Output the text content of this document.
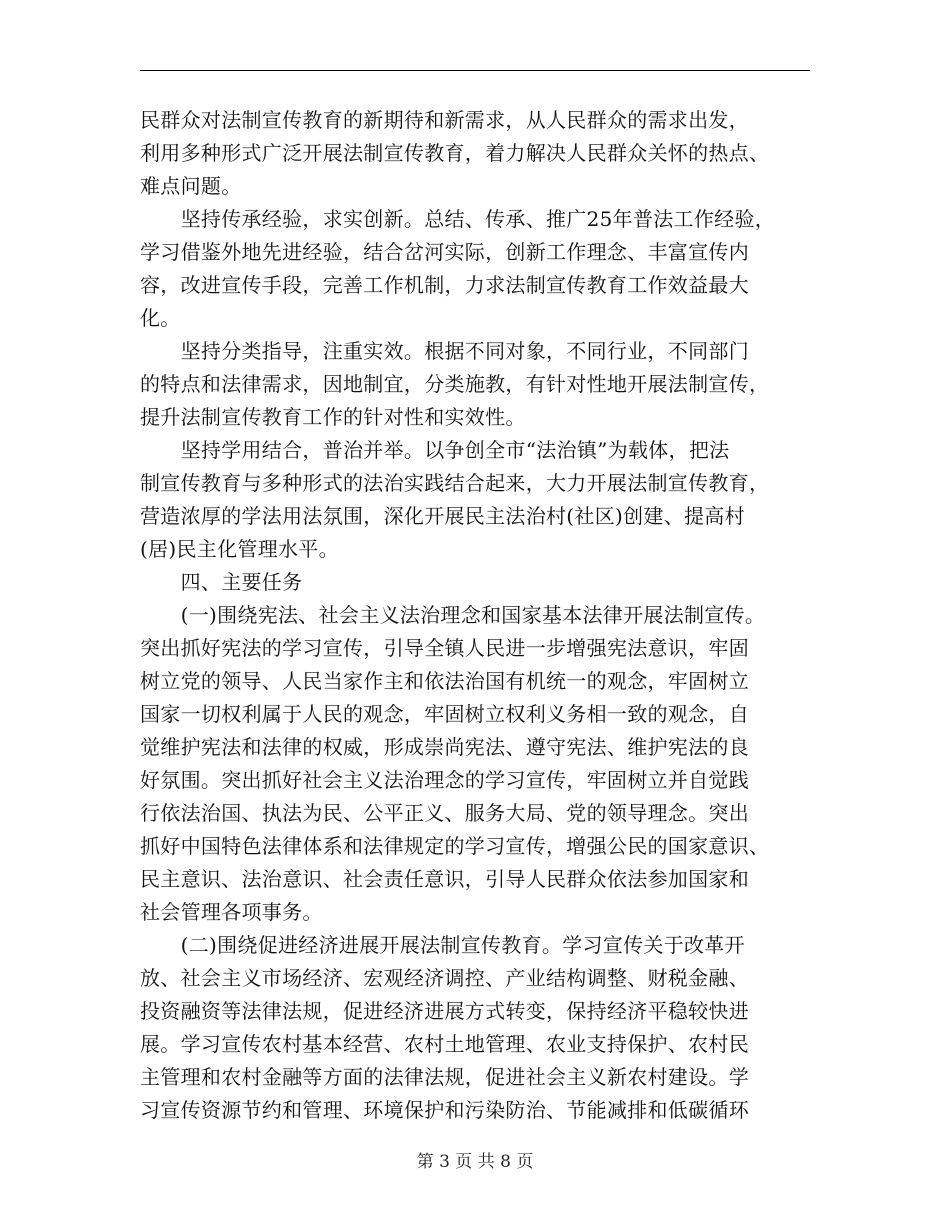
民群众对法制宣传教育的新期待和新需求，从人民群众的需求出发，
利用多种形式广泛开展法制宣传教育，着力解决人民群众关怀的热点、
难点问题。
　　坚持传承经验，求实创新。总结、传承、推广25年普法工作经验，
学习借鉴外地先进经验，结合岔河实际，创新工作理念、丰富宣传内
容，改进宣传手段，完善工作机制，力求法制宣传教育工作效益最大
化。
　　坚持分类指导，注重实效。根据不同对象，不同行业，不同部门
的特点和法律需求，因地制宜，分类施教，有针对性地开展法制宣传，
提升法制宣传教育工作的针对性和实效性。
　　坚持学用结合，普治并举。以争创全市“法治镇”为载体，把法
制宣传教育与多种形式的法治实践结合起来，大力开展法制宣传教育，
营造浓厚的学法用法氛围，深化开展民主法治村(社区)创建、提高村
(居)民主化管理水平。
　　四、主要任务
　　(一)围绕宪法、社会主义法治理念和国家基本法律开展法制宣传。
突出抓好宪法的学习宣传，引导全镇人民进一步增强宪法意识，牢固
树立党的领导、人民当家作主和依法治国有机统一的观念，牢固树立
国家一切权利属于人民的观念，牢固树立权利义务相一致的观念，自
觉维护宪法和法律的权威，形成崇尚宪法、遵守宪法、维护宪法的良
好氛围。突出抓好社会主义法治理念的学习宣传，牢固树立并自觉践
行依法治国、执法为民、公平正义、服务大局、党的领导理念。突出
抓好中国特色法律体系和法律规定的学习宣传，增强公民的国家意识、
民主意识、法治意识、社会责任意识，引导人民群众依法参加国家和
社会管理各项事务。
　　(二)围绕促进经济进展开展法制宣传教育。学习宣传关于改革开
放、社会主义市场经济、宏观经济调控、产业结构调整、财税金融、
投资融资等法律法规，促进经济进展方式转变，保持经济平稳较快进
展。学习宣传农村基本经营、农村土地管理、农业支持保护、农村民
主管理和农村金融等方面的法律法规，促进社会主义新农村建设。学
习宣传资源节约和管理、环境保护和污染防治、节能减排和低碳循环
第 3 页 共 8 页
